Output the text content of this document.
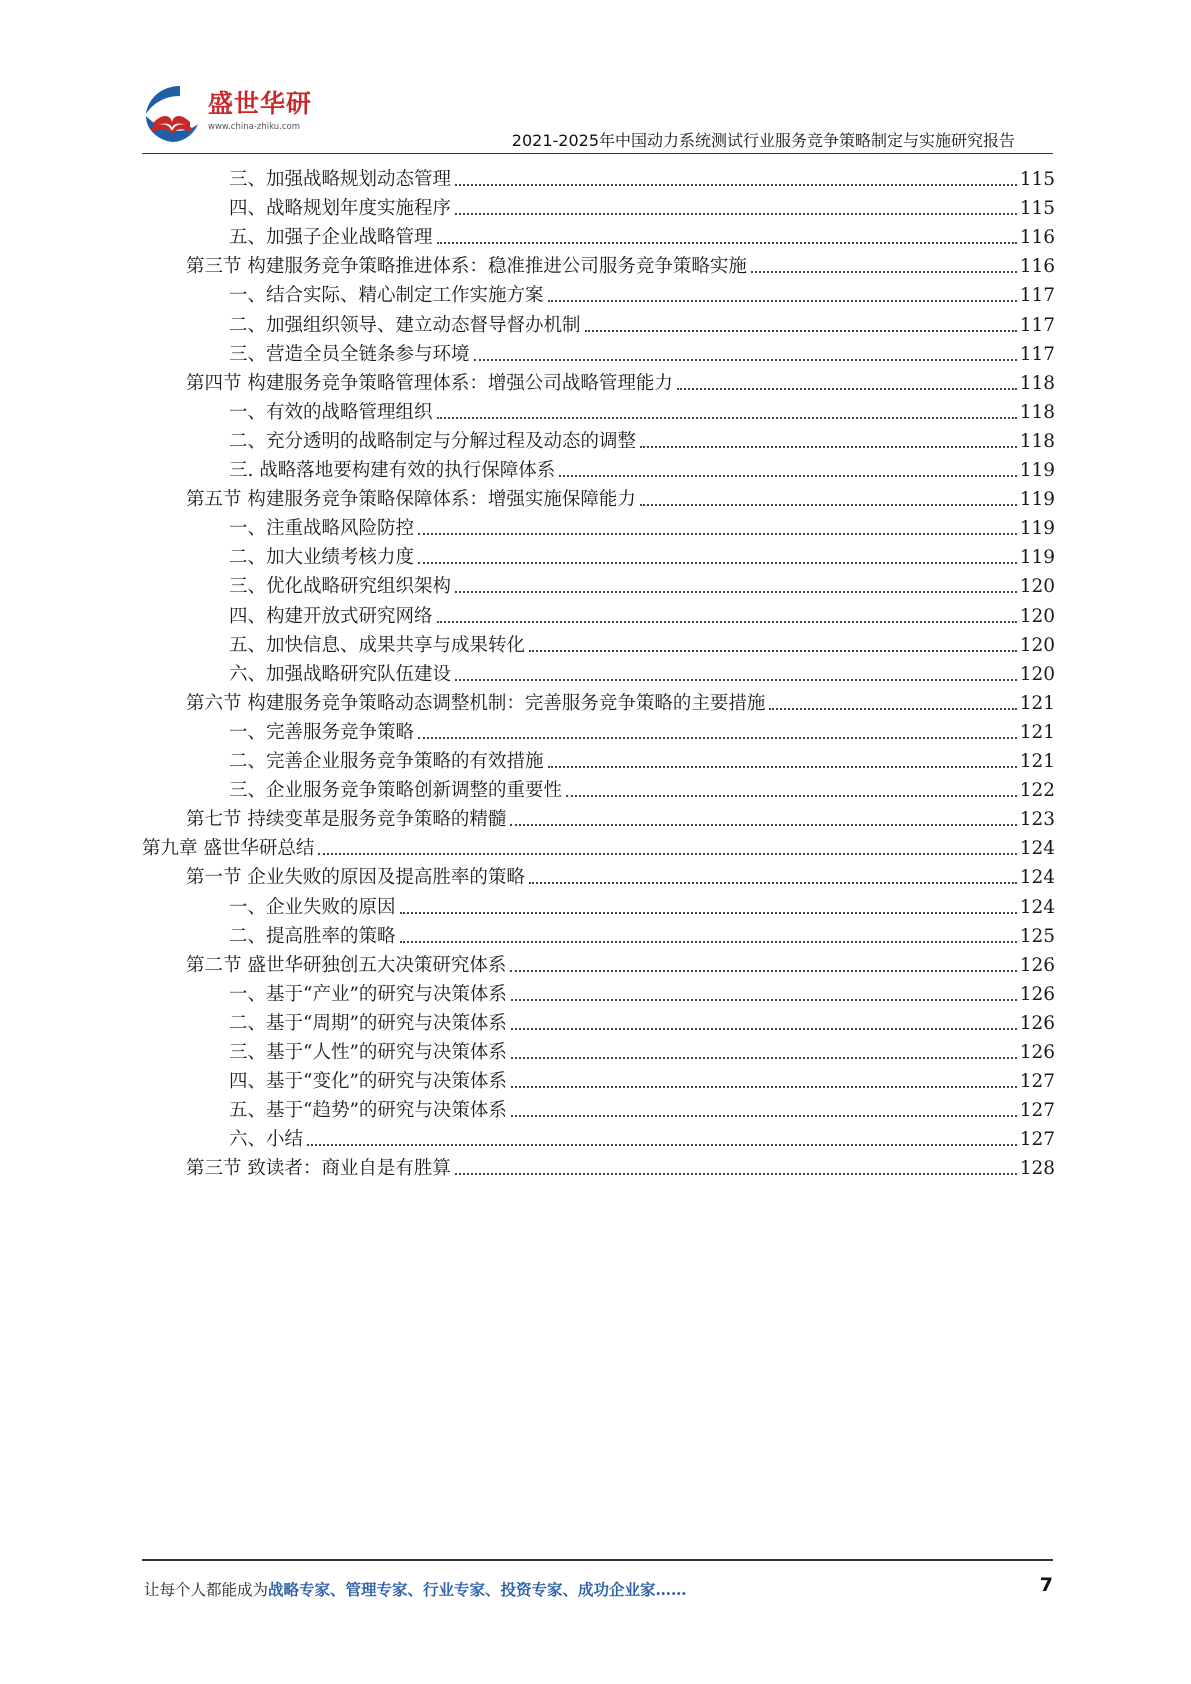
盛世华研
www.china-zhiku.com
2021-2025年中国动力系统测试行业服务竞争策略制定与实施研究报告
三、加强战略规划动态管理	115
四、战略规划年度实施程序	115
五、加强子企业战略管理	116
第三节 构建服务竞争策略推进体系：稳准推进公司服务竞争策略实施	116
一、结合实际、精心制定工作实施方案	117
二、加强组织领导、建立动态督导督办机制	117
三、营造全员全链条参与环境	117
第四节 构建服务竞争策略管理体系：增强公司战略管理能力	118
一、有效的战略管理组织	118
二、充分透明的战略制定与分解过程及动态的调整	118
三. 战略落地要构建有效的执行保障体系	119
第五节 构建服务竞争策略保障体系：增强实施保障能力	119
一、注重战略风险防控	119
二、加大业绩考核力度	119
三、优化战略研究组织架构	120
四、构建开放式研究网络	120
五、加快信息、成果共享与成果转化	120
六、加强战略研究队伍建设	120
第六节 构建服务竞争策略动态调整机制：完善服务竞争策略的主要措施	121
一、完善服务竞争策略	121
二、完善企业服务竞争策略的有效措施	121
三、企业服务竞争策略创新调整的重要性	122
第七节 持续变革是服务竞争策略的精髓	123
第九章 盛世华研总结	124
第一节 企业失败的原因及提高胜率的策略	124
一、企业失败的原因	124
二、提高胜率的策略	125
第二节 盛世华研独创五大决策研究体系	126
一、基于“产业”的研究与决策体系	126
二、基于“周期”的研究与决策体系	126
三、基于“人性”的研究与决策体系	126
四、基于“变化”的研究与决策体系	127
五、基于“趋势”的研究与决策体系	127
六、小结	127
第三节 致读者：商业自是有胜算	128
让每个人都能成为战略专家、管理专家、行业专家、投资专家、成功企业家……	7
